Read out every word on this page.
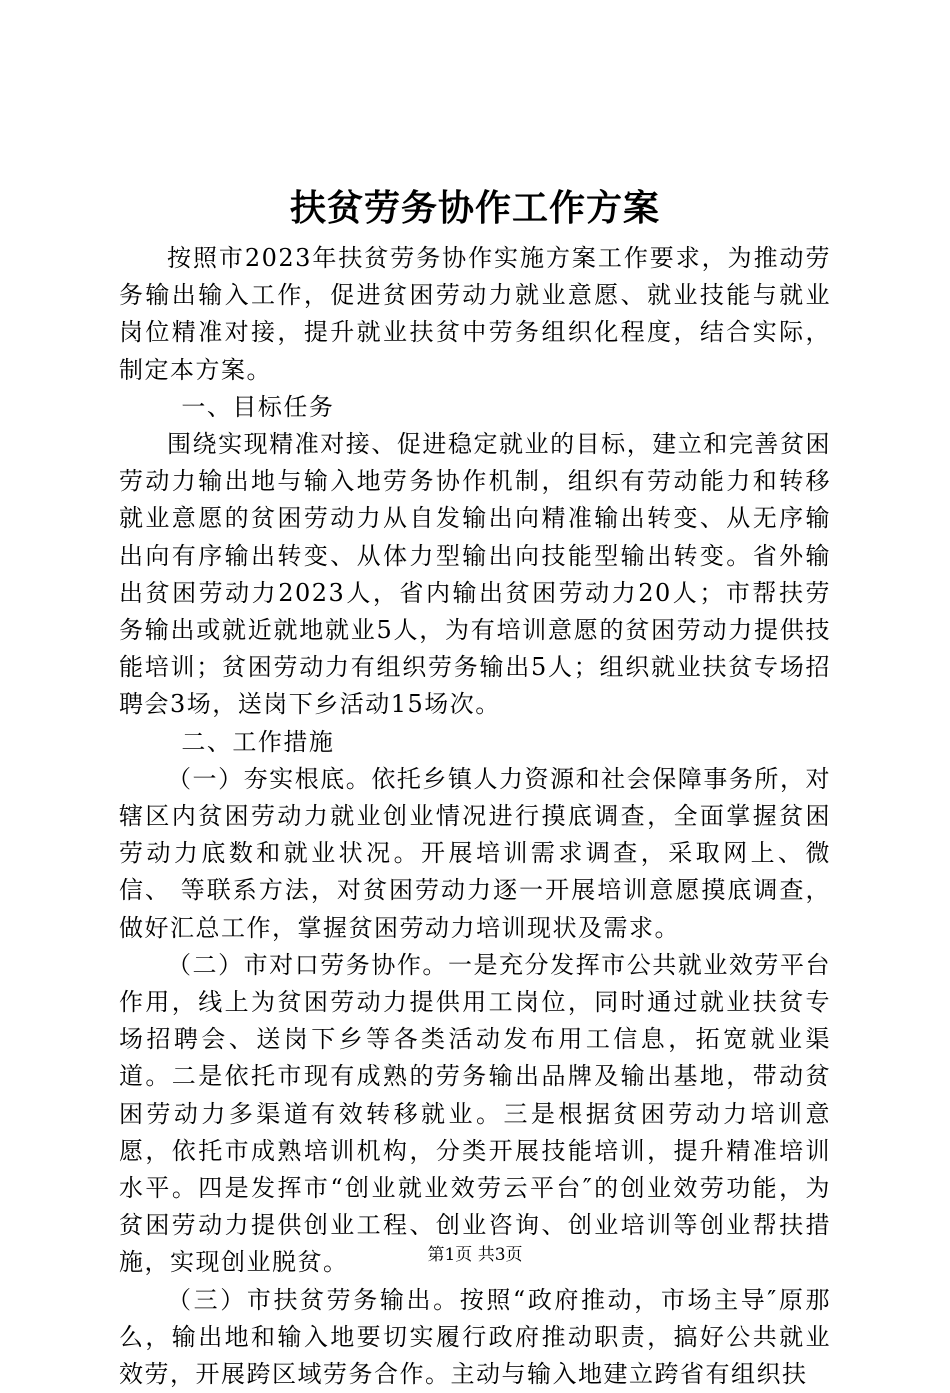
扶贫劳务协作工作方案

按照市2023年扶贫劳务协作实施方案工作要求，为推动劳务输出输入工作，促进贫困劳动力就业意愿、就业技能与就业岗位精准对接，提升就业扶贫中劳务组织化程度，结合实际，制定本方案。

一、目标任务

围绕实现精准对接、促进稳定就业的目标，建立和完善贫困劳动力输出地与输入地劳务协作机制，组织有劳动能力和转移就业意愿的贫困劳动力从自发输出向精准输出转变、从无序输出向有序输出转变、从体力型输出向技能型输出转变。省外输出贫困劳动力2023人，省内输出贫困劳动力20人；市帮扶劳务输出或就近就地就业5人，为有培训意愿的贫困劳动力提供技能培训；贫困劳动力有组织劳务输出5人；组织就业扶贫专场招聘会3场，送岗下乡活动15场次。

二、工作措施

（一）夯实根底。依托乡镇人力资源和社会保障事务所，对辖区内贫困劳动力就业创业情况进行摸底调查，全面掌握贫困劳动力底数和就业状况。开展培训需求调查，采取网上、微信、 等联系方法，对贫困劳动力逐一开展培训意愿摸底调查，做好汇总工作，掌握贫困劳动力培训现状及需求。

（二）市对口劳务协作。一是充分发挥市公共就业效劳平台作用，线上为贫困劳动力提供用工岗位，同时通过就业扶贫专场招聘会、送岗下乡等各类活动发布用工信息，拓宽就业渠道。二是依托市现有成熟的劳务输出品牌及输出基地，带动贫困劳动力多渠道有效转移就业。三是根据贫困劳动力培训意愿，依托市成熟培训机构，分类开展技能培训，提升精准培训水平。四是发挥市“创业就业效劳云平台″的创业效劳功能，为贫困劳动力提供创业工程、创业咨询、创业培训等创业帮扶措施，实现创业脱贫。

（三）市扶贫劳务输出。按照“政府推动，市场主导″原那么，输出地和输入地要切实履行政府推动职责，搞好公共就业效劳，开展跨区域劳务合作。主动与输入地建立跨省有组织扶

第1页 共3页
